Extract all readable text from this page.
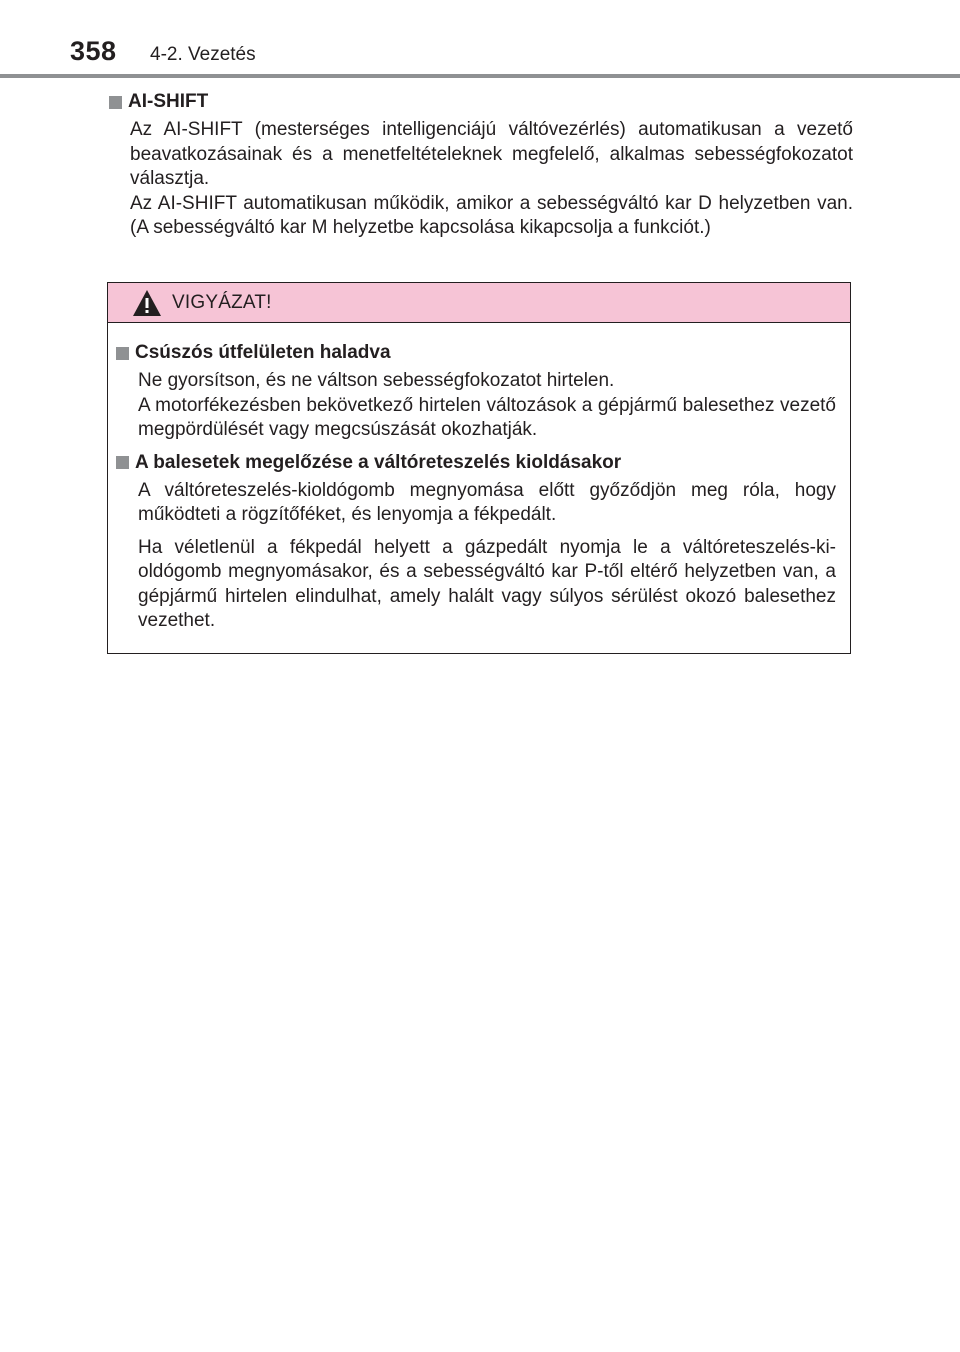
358 4-2. Vezetés
AI-SHIFT

Az AI-SHIFT (mesterséges intelligenciájú váltóvezérlés) automatikusan a vezető beavatkozásainak és a menetfeltételeknek megfelelő, alkalmas sebességfokozatot választja.

Az AI-SHIFT automatikusan működik, amikor a sebességváltó kar D helyzetben van. (A sebességváltó kar M helyzetbe kapcsolása kikapcsolja a funkciót.)

VIGYÁZAT!
Csúszós útfelületen haladva

Ne gyorsítson, és ne váltson sebességfokozatot hirtelen.
A motorfékezésben bekövetkező hirtelen változások a gépjármű balesethez vezető megpördülését vagy megcsúszását okozhatják.

A balesetek megelőzése a váltóreteszelés kioldásakor

A váltóreteszelés-kioldógomb megnyomása előtt győződjön meg róla, hogy működteti a rögzítőféket, és lenyomja a fékpedált.

Ha véletlenül a fékpedál helyett a gázpedált nyomja le a váltóreteszelés-kioldógomb megnyomásakor, és a sebességváltó kar P-től eltérő helyzetben van, a gépjármű hirtelen elindulhat, amely halált vagy súlyos sérülést okozó balesethez vezethet.
